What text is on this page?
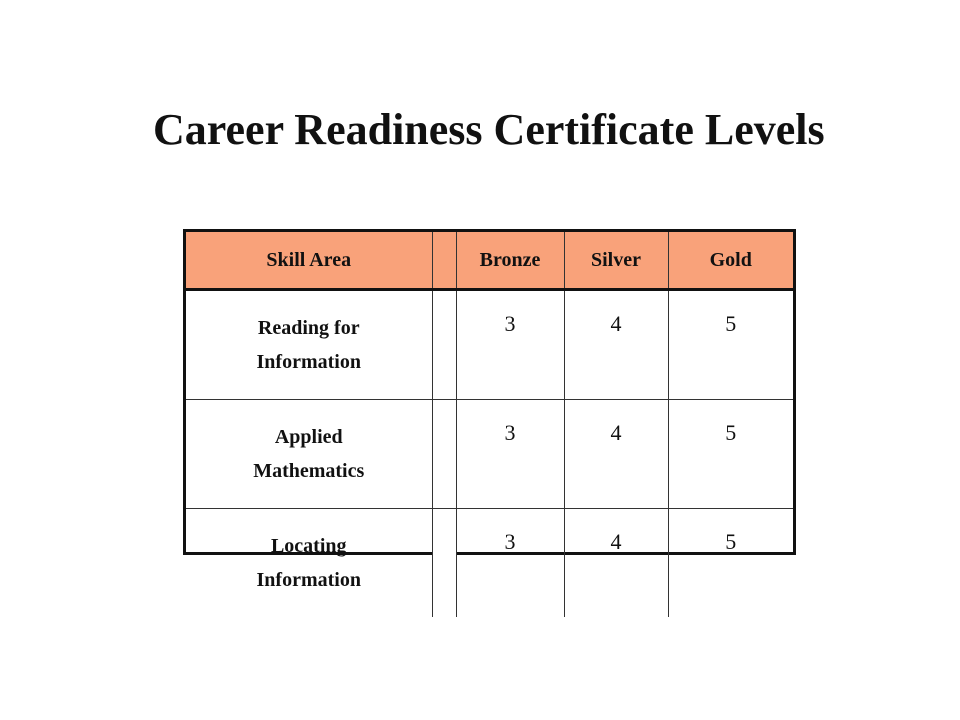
Career Readiness Certificate Levels
Skill Area		Bronze	Silver	Gold

Reading for
Information		3	4	5

Applied
Mathematics		3	4	5

Locating
Information		3	4	5
